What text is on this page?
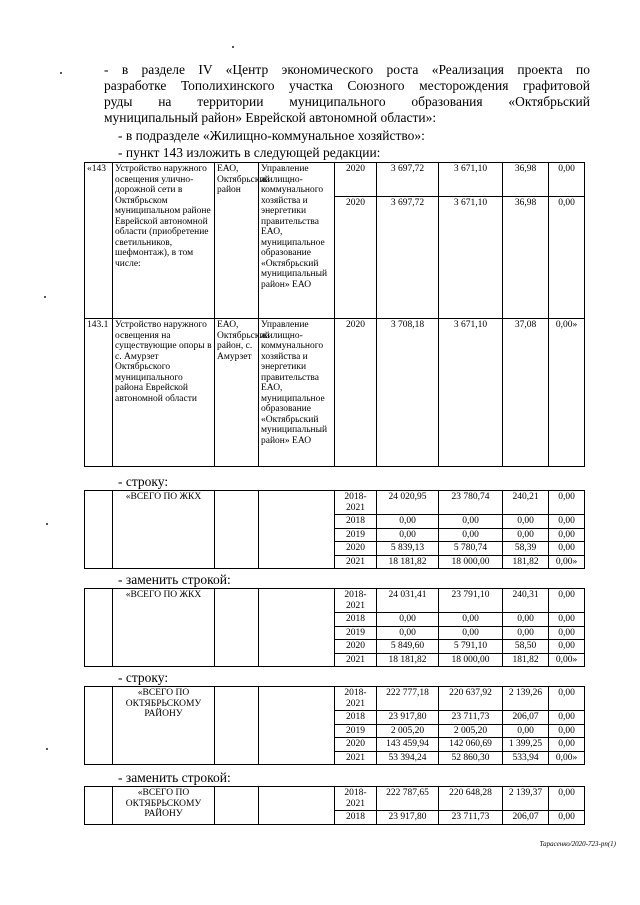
- в разделе IV «Центр экономического роста «Реализация проекта по
разработке Тополихинского участка Союзного месторождения графитовой
руды на территории муниципального образования «Октябрьский
муниципальный район» Еврейской автономной области»:
- в подразделе «Жилищно-коммунальное хозяйство»:
- пункт 143 изложить в следующей редакции:
«143	Устройство наружного освещения улично-дорожной сети в Октябрьском муниципальном районе Еврейской автономной области (приобретение светильников, шефмонтаж), в том числе:	ЕАО, Октябрьский район	Управление жилищно- коммунального хозяйства и энергетики правительства ЕАО, муниципальное образование «Октябрьский муниципальный район» ЕАО	2020	3 697,72	3 671,10	36,98	0,00
				2020	3 697,72	3 671,10	36,98	0,00
143.1	Устройство наружного освещения на существующие опоры в с. Амурзет Октябрьского муниципального района Еврейской автономной области	ЕАО, Октябрьский район, с. Амурзет	Управление жилищно-коммунального хозяйства и энергетики правительства ЕАО, муниципальное образование «Октябрьский муниципальный район» ЕАО	2020	3 708,18	3 671,10	37,08	0,00»
- строку:
	«ВСЕГО ПО ЖКХ			2018-2021	24 020,95	23 780,74	240,21	0,00
				2018	0,00	0,00	0,00	0,00
				2019	0,00	0,00	0,00	0,00
				2020	5 839,13	5 780,74	58,39	0,00
				2021	18 181,82	18 000,00	181,82	0,00»
- заменить строкой:
	«ВСЕГО ПО ЖКХ			2018-2021	24 031,41	23 791,10	240,31	0,00
				2018	0,00	0,00	0,00	0,00
				2019	0,00	0,00	0,00	0,00
				2020	5 849,60	5 791,10	58,50	0,00
				2021	18 181,82	18 000,00	181,82	0,00»
- строку:
	«ВСЕГО ПО ОКТЯБРЬСКОМУ РАЙОНУ			2018-2021	222 777,18	220 637,92	2 139,26	0,00
				2018	23 917,80	23 711,73	206,07	0,00
				2019	2 005,20	2 005,20	0,00	0,00
				2020	143 459,94	142 060,69	1 399,25	0,00
				2021	53 394,24	52 860,30	533,94	0,00»
- заменить строкой:
	«ВСЕГО ПО ОКТЯБРЬСКОМУ РАЙОНУ			2018-2021	222 787,65	220 648,28	2 139,37	0,00
				2018	23 917,80	23 711,73	206,07	0,00
Тарасенко/2020-723-рп(1)
